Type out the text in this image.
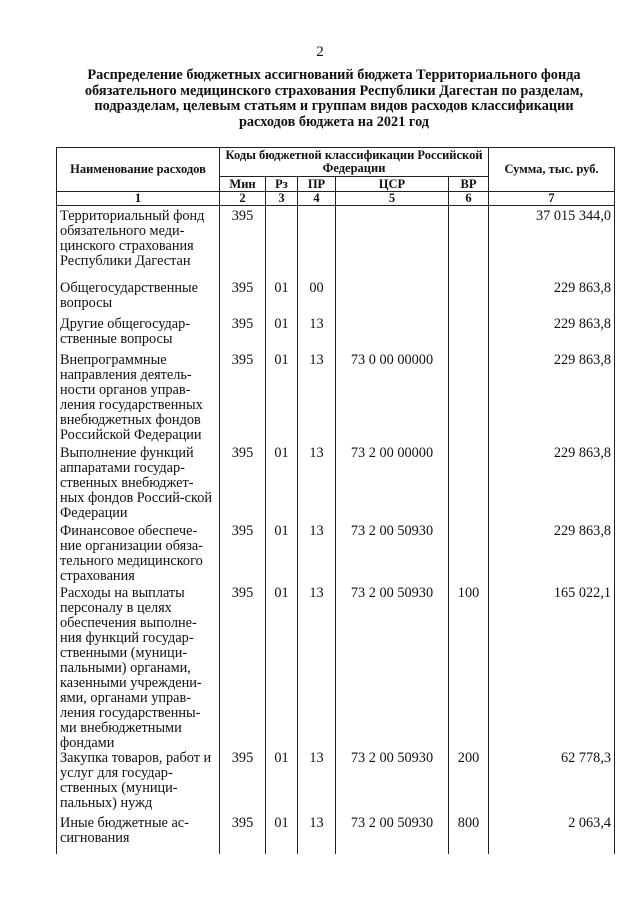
2
Распределение бюджетных ассигнований бюджета Территориального фонда обязательного медицинского страхования Республики Дагестан по разделам, подразделам, целевым статьям и группам видов расходов классификации расходов бюджета на 2021 год
Наименование расходов	Коды бюджетной классификации Российской Федерации					Сумма, тыс. руб.
	Мин	Рз	ПР	ЦСР	ВР	
1	2	3	4	5	6	7
Территориальный фонд обязательного меди-цинского страхования Республики Дагестан	395					37 015 344,0
Общегосударственные вопросы	395	01	00			229 863,8
Другие общегосудар-ственные вопросы	395	01	13			229 863,8
Внепрограммные направления деятель-ности органов управ-ления государственных внебюджетных фондов Российской Федерации	395	01	13	73 0 00 00000		229 863,8
Выполнение функций аппаратами государ-ственных внебюджет-ных фондов Россий-ской Федерации	395	01	13	73 2 00 00000		229 863,8
Финансовое обеспече-ние организации обяза-тельного медицинского страхования	395	01	13	73 2 00 50930		229 863,8
Расходы на выплаты персоналу в целях обеспечения выполне-ния функций государ-ственными (муници-пальными) органами, казенными учреждени-ями, органами управ-ления государственны-ми внебюджетными фондами	395	01	13	73 2 00 50930	100	165 022,1
Закупка товаров, работ и услуг для государ-ственных (муници-пальных) нужд	395	01	13	73 2 00 50930	200	62 778,3
Иные бюджетные ас-сигнования	395	01	13	73 2 00 50930	800	2 063,4
